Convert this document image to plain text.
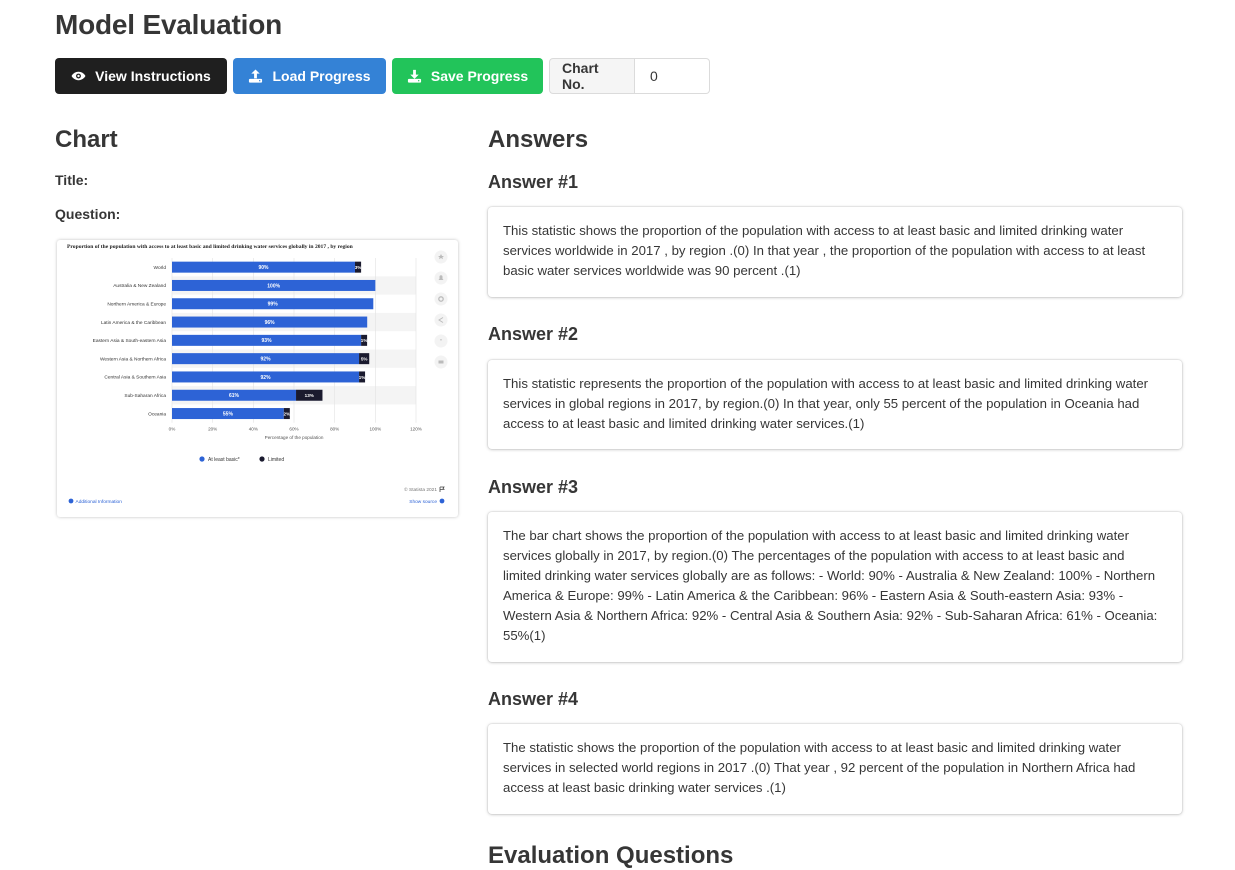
Model Evaluation
View Instructions	Load Progress	Save Progress	Chart No.
0
Chart
Title:
Question:
Proportion of the population with access to at least basic and limited drinking water services globally in 2017 , by region
World
Australia & New Zealand
Northern America & Europe
Latin America & the Caribbean
Eastern Asia & South-eastern Asia
Western Asia & Northern Africa
Central Asia & Southern Asia
Sub-Saharan Africa
Oceania
90%	3%
100%
99%
96%
93%	1%
92%	5%
92%	1%
61%	13%
55%	2%
0%	20%	40%	60%	80%	100%	120%
Percentage of the population
At least basic*	Limited
"
© Statista 2021
Additional Information	Show source
Answers
Answer #1

This statistic shows the proportion of the population with access to at least basic and limited drinking water services worldwide in 2017 , by region .(0) In that year , the proportion of the population with access to at least basic water services worldwide was 90 percent .(1)

Answer #2

This statistic represents the proportion of the population with access to at least basic and limited drinking water services in global regions in 2017, by region.(0) In that year, only 55 percent of the population in Oceania had access to at least basic and limited drinking water services.(1)

Answer #3

The bar chart shows the proportion of the population with access to at least basic and limited drinking water services globally in 2017, by region.(0) The percentages of the population with access to at least basic and limited drinking water services globally are as follows: - World: 90% - Australia & New Zealand: 100% - Northern America & Europe: 99% - Latin America & the Caribbean: 96% - Eastern Asia & South-eastern Asia: 93% - Western Asia & Northern Africa: 92% - Central Asia & Southern Asia: 92% - Sub-Saharan Africa: 61% - Oceania: 55%(1)

Answer #4

The statistic shows the proportion of the population with access to at least basic and limited drinking water services in selected world regions in 2017 .(0) That year , 92 percent of the population in Northern Africa had access at least basic drinking water services .(1)

Evaluation Questions
